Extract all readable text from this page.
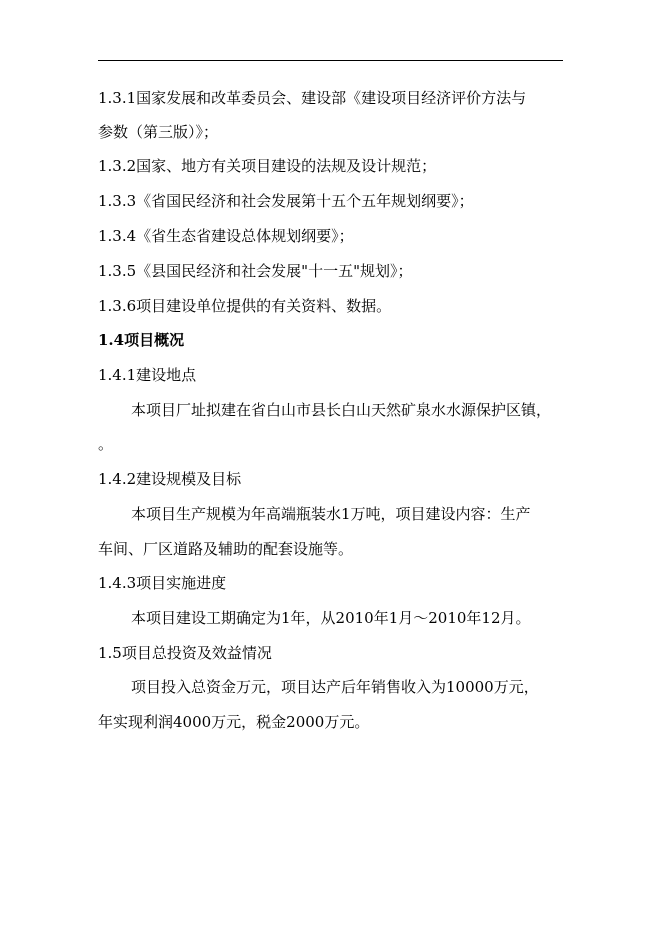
1.3.1国家发展和改革委员会、建设部《建设项目经济评价方法与
参数（第三版）》；
1.3.2国家、地方有关项目建设的法规及设计规范；
1.3.3《省国民经济和社会发展第十五个五年规划纲要》；
1.3.4《省生态省建设总体规划纲要》；
1.3.5《县国民经济和社会发展"十一五"规划》；
1.3.6项目建设单位提供的有关资料、数据。
1.4项目概况
1.4.1建设地点
本项目厂址拟建在省白山市县长白山天然矿泉水水源保护区镇，
。
1.4.2建设规模及目标
本项目生产规模为年高端瓶装水1万吨，项目建设内容：生产
车间、厂区道路及辅助的配套设施等。
1.4.3项目实施进度
本项目建设工期确定为1年，从2010年1月～2010年12月。
1.5项目总投资及效益情况
项目投入总资金万元，项目达产后年销售收入为10000万元，
年实现利润4000万元，税金2000万元。
